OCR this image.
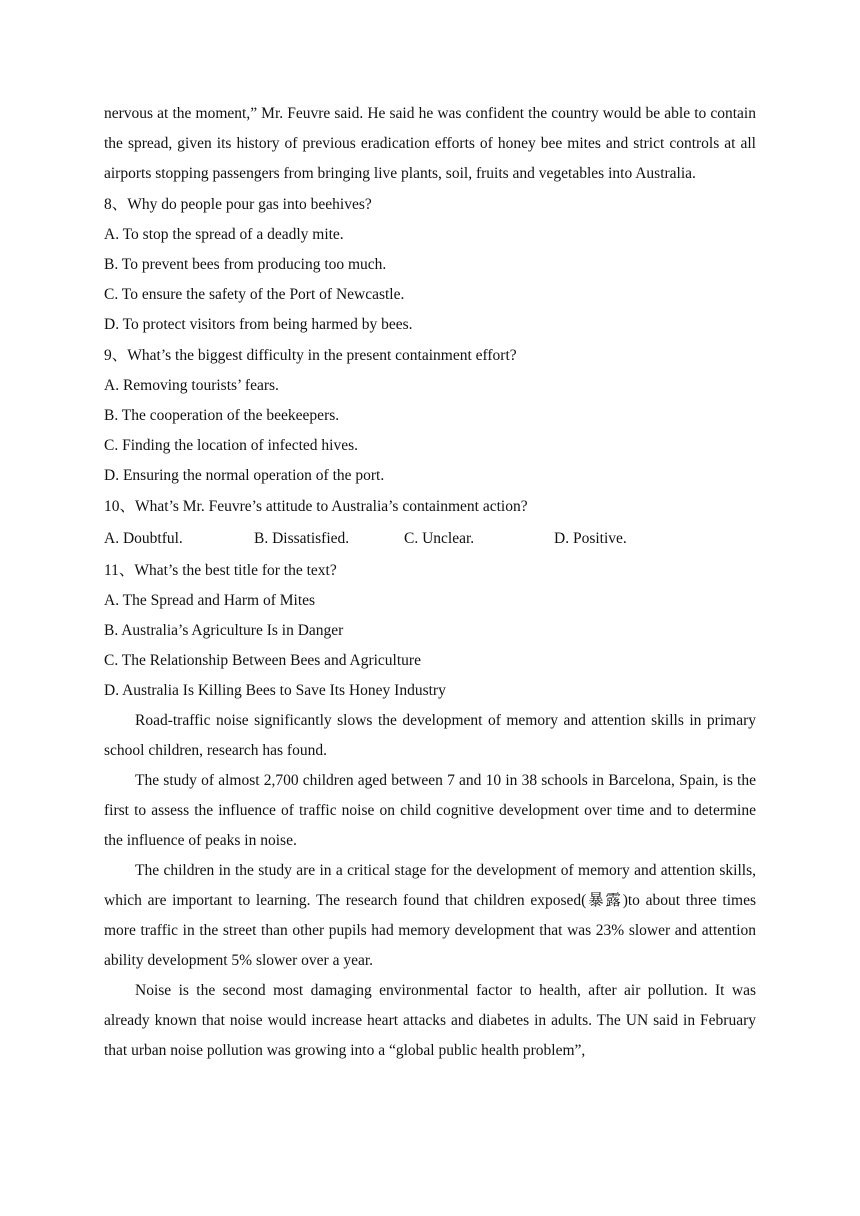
nervous at the moment,” Mr. Feuvre said. He said he was confident the country would be able to contain the spread, given its history of previous eradication efforts of honey bee mites and strict controls at all airports stopping passengers from bringing live plants, soil, fruits and vegetables into Australia.

8、Why do people pour gas into beehives?

A. To stop the spread of a deadly mite.

B. To prevent bees from producing too much.

C. To ensure the safety of the Port of Newcastle.

D. To protect visitors from being harmed by bees.

9、What’s the biggest difficulty in the present containment effort?

A. Removing tourists’ fears.

B. The cooperation of the beekeepers.

C. Finding the location of infected hives.

D. Ensuring the normal operation of the port.

10、What’s Mr. Feuvre’s attitude to Australia’s containment action?

A. Doubtful.	B. Dissatisfied.	C. Unclear.	D. Positive.

11、What’s the best title for the text?

A. The Spread and Harm of Mites

B. Australia’s Agriculture Is in Danger

C. The Relationship Between Bees and Agriculture

D. Australia Is Killing Bees to Save Its Honey Industry

Road-traffic noise significantly slows the development of memory and attention skills in primary school children, research has found.

The study of almost 2,700 children aged between 7 and 10 in 38 schools in Barcelona, Spain, is the first to assess the influence of traffic noise on child cognitive development over time and to determine the influence of peaks in noise.

The children in the study are in a critical stage for the development of memory and attention skills, which are important to learning. The research found that children exposed(暴露)to about three times more traffic in the street than other pupils had memory development that was 23% slower and attention ability development 5% slower over a year.

Noise is the second most damaging environmental factor to health, after air pollution. It was already known that noise would increase heart attacks and diabetes in adults. The UN said in February that urban noise pollution was growing into a “global public health problem”,
